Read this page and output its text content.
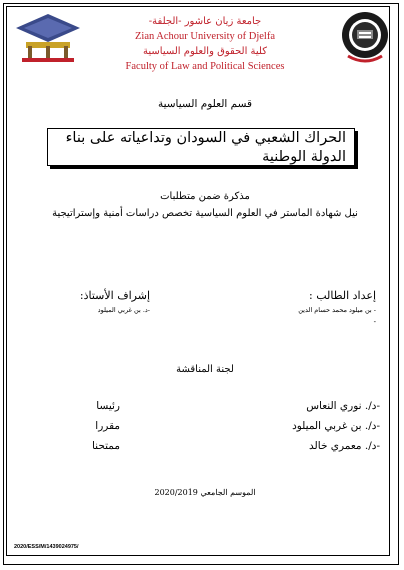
جامعة زيان عاشور -الجلفة-
Zian Achour University of Djelfa
كلية الحقوق والعلوم السياسية
Faculty of Law and Political Sciences
قسم العلوم السياسية
الحراك الشعبي في السودان وتداعياته على بناء الدولة الوطنية
مذكرة ضمن متطلبات
نيل شهادة الماستر في العلوم السياسية تخصص دراسات أمنية وإستراتيجية
إعداد الطالب :
- بن ميلود محمد حسام الدين
-
إشراف الأستاذ:
-د. بن غربي الميلود
لجنة المناقشة
-د/. نوري النعاس
رئيسا
-د/. بن غربي الميلود
مقررا
-د/. معمري خالد
ممتحنا
الموسم الجامعي 2020/2019
2020/ESS/M/1439024975/
